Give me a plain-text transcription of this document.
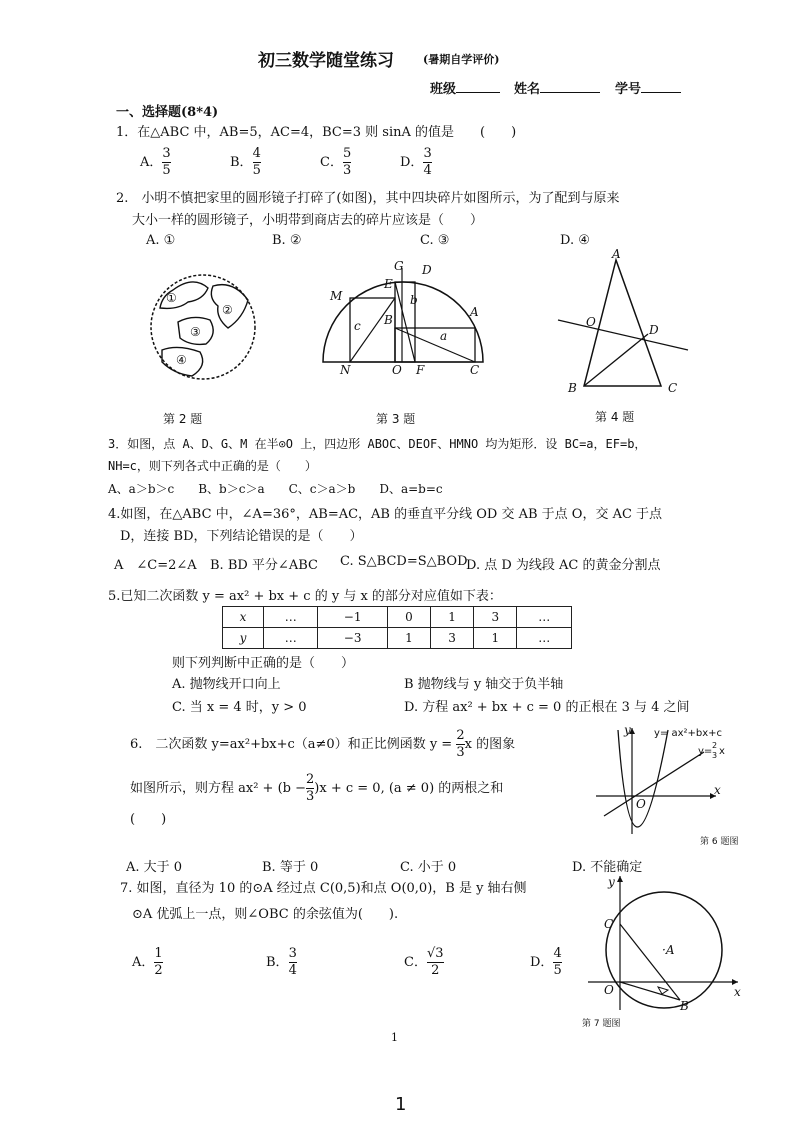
初三数学随堂练习	(暑期自学评价)
班级	姓名	学号
一、选择题(8*4)
1．在△ABC 中，AB=5，AC=4，BC=3 则 sinA 的值是　　(　　)
A． $\frac{3}{5}$	B． $\frac{4}{5}$	C． $\frac{5}{3}$	D． $\frac{3}{4}$
2.　小明不慎把家里的圆形镜子打碎了(如图)，其中四块碎片如图所示，为了配到与原来
大小一样的圆形镜子，小明带到商店去的碎片应该是（　　）
A. ①	B. ②	C. ③	D. ④
①
②
③
④
第 2 题
G D
M
E
b
B
A
c
a
N	O F	C
第 3 题
A
O
D
B	C
第 4 题
3．如图，点 A、D、G、M 在半⊙O 上，四边形 ABOC、DEOF、HMNO 均为矩形．设 BC=a，EF=b，
NH=c，则下列各式中正确的是（　　）
A、a＞b＞c　　B、b＞c＞a　　C、c＞a＞b　　D、a=b=c
4.如图，在△ABC 中，∠A=36°，AB=AC，AB 的垂直平分线 OD 交 AB 于点 O，交 AC 于点
D，连接 BD，下列结论错误的是（　　）
A　∠C=2∠A B. BD 平分∠ABC C. S△BCD=S△BOD
D. 点 D 为线段 AC 的黄金分割点
5.已知二次函数 y = ax² + bx + c 的 y 与 x 的部分对应值如下表：
x	…	−1	0	1	3	…
y	…	−3	1	3	1	…
则下列判断中正确的是（　　）
A. 抛物线开口向上	B 抛物线与 y 轴交于负半轴
C. 当 x = 4 时，y > 0	D. 方程 ax² + bx + c = 0 的正根在 3 与 4 之间
6.　二次函数 y=ax²+bx+c（a≠0）和正比例函数 $y = \frac{2}{3}$ x 的图象
如图所示，则方程 $ax^2 + (b - \frac{2}{3} )x + c = 0$, (a ≠ 0) 的两根之和
(　　)
A. 大于 0	B. 等于 0	C. 小于 0	D. 不能确定
y
x
O
y= ax²+bx+c
y=
2
3 x
第 6 题图
7. 如图，直径为 10 的⊙A 经过点 C(0,5)和点 O(0,0)，B 是 y 轴右侧
⊙A 优弧上一点，则∠OBC 的余弦值为(　　).
A． $\frac{1}{2}$	B． $\frac{3}{4}$	C． $\frac{√3}{2}$	D． $\frac{4}{5}$
y
C
·A
O
B
x
第 7 题图
1
1
